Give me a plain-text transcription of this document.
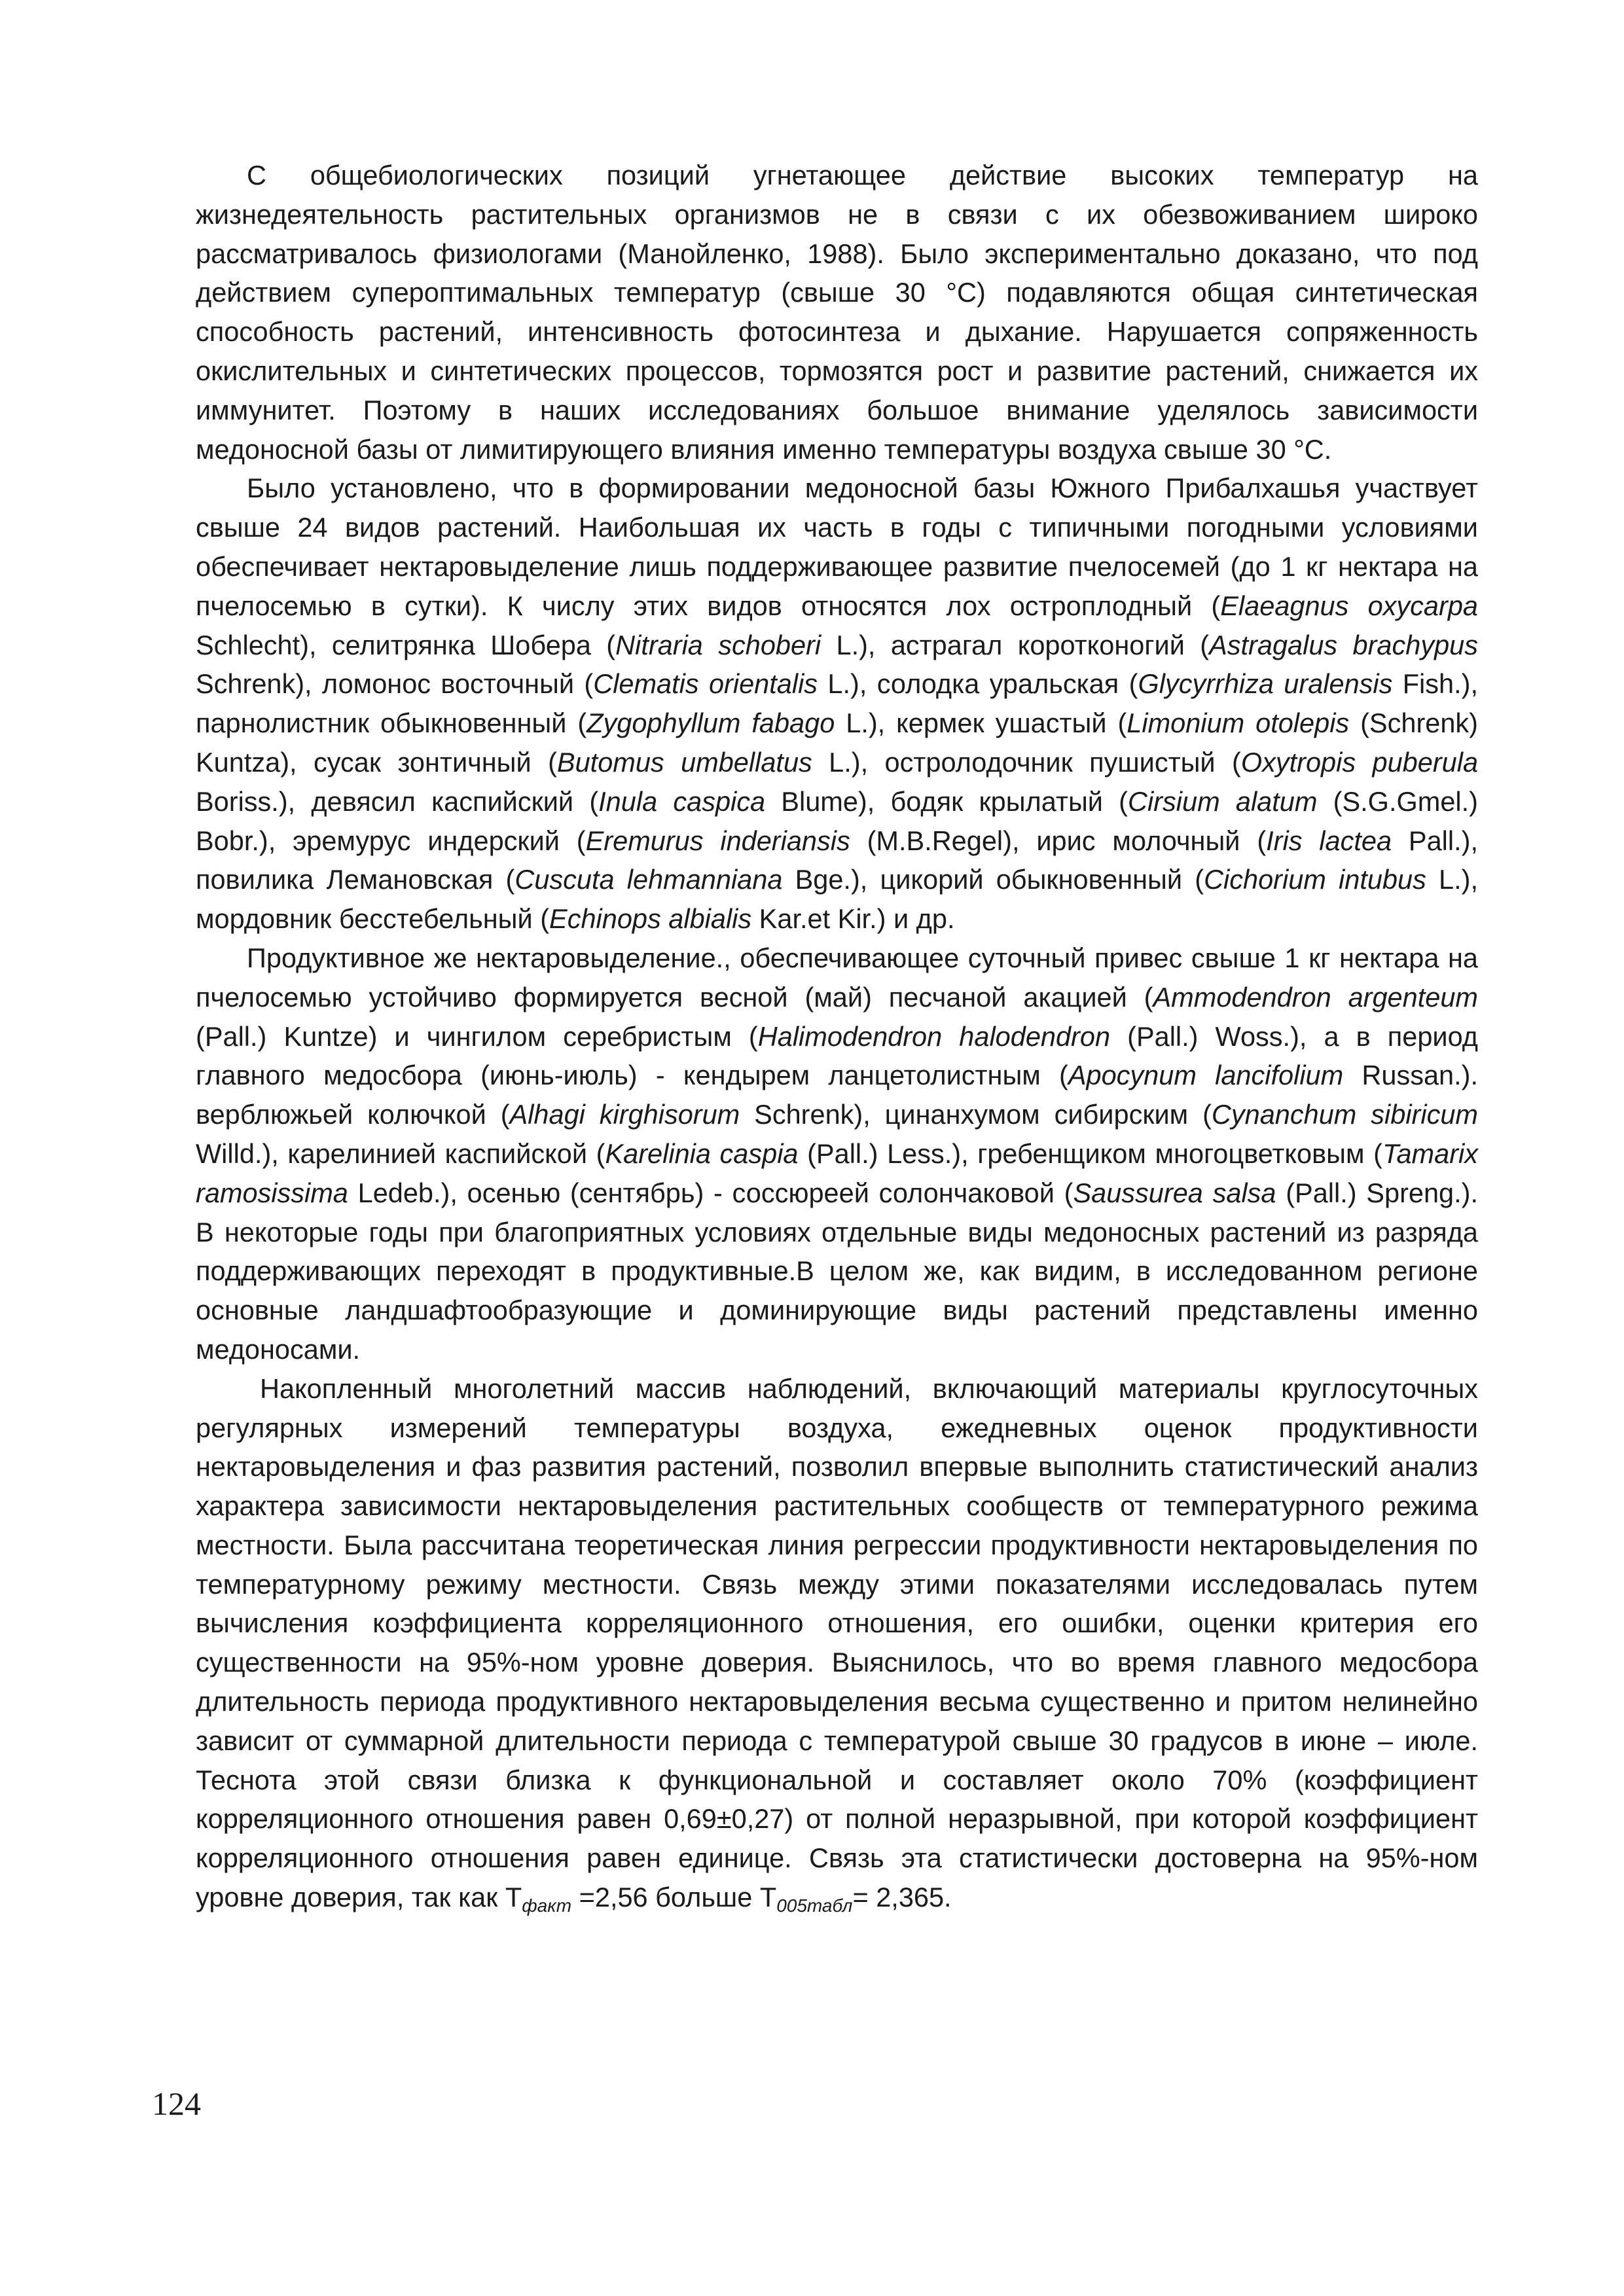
С общебиологических позиций угнетающее действие высоких температур на жизнедеятельность растительных организмов не в связи с их обезвоживанием широко рассматривалось физиологами (Манойленко, 1988). Было экспериментально доказано, что под действием супероптимальных температур (свыше 30 °С) подавляются общая синтетическая способность растений, интенсивность фотосинтеза и дыхание. Нарушается сопряженность окислительных и синтетических процессов, тормозятся рост и развитие растений, снижается их иммунитет. Поэтому в наших исследованиях большое внимание уделялось зависимости медоносной базы от лимитирующего влияния именно температуры воздуха свыше 30 °С.

Было установлено, что в формировании медоносной базы Южного Прибалхашья участвует свыше 24 видов растений. Наибольшая их часть в годы с типичными погодными условиями обеспечивает нектаровыделение лишь поддерживающее развитие пчелосемей (до 1 кг нектара на пчелосемью в сутки). К числу этих видов относятся лох остроплодный (Elaeagnus oxycarpa Schlecht), селитрянка Шобера (Nitraria schoberi L.), астрагал коротконогий (Astragalus brachypus Schrenk), ломонос восточный (Clematis orientalis L.), солодка уральская (Glycyrrhiza uralensis Fish.), парнолистник обыкновенный (Zygophyllum fabago L.), кермек ушастый (Limonium otolepis (Schrenk) Kuntza), сусак зонтичный (Butomus umbellatus L.), остролодочник пушистый (Oxytropis puberula Boriss.), девясил каспийский (Inula caspica Blume), бодяк крылатый (Cirsium alatum (S.G.Gmel.) Bobr.), эремурус индерский (Eremurus inderiansis (M.B.Regel), ирис молочный (Iris lactea Pall.), повилика Лемановская (Cuscuta lehmanniana Bge.), цикорий обыкновенный (Cichorium intubus L.), мордовник бесстебельный (Echinops albialis Kar.et Kir.) и др.

Продуктивное же нектаровыделение., обеспечивающее суточный привес свыше 1 кг нектара на пчелосемью устойчиво формируется весной (май) песчаной акацией (Ammodendron argenteum (Pall.) Kuntze) и чингилом серебристым (Halimodendron halodendron (Pall.) Woss.), а в период главного медосбора (июнь-июль) - кендырем ланцетолистным (Apocynum lancifolium Russan.). верблюжьей колючкой (Alhagi kirghisorum Schrenk), цинанхумом сибирским (Cynanchum sibiricum Willd.), карелинией каспийской (Karelinia caspia (Pall.) Less.), гребенщиком многоцветковым (Tamarix ramosissima Ledeb.), осенью (сентябрь) - соссюреей солончаковой (Saussurea salsa (Pall.) Spreng.). В некоторые годы при благоприятных условиях отдельные виды медоносных растений из разряда поддерживающих переходят в продуктивные.В целом же, как видим, в исследованном регионе основные ландшафтообразующие и доминирующие виды растений представлены именно медоносами.

Накопленный многолетний массив наблюдений, включающий материалы круглосуточных регулярных измерений температуры воздуха, ежедневных оценок продуктивности нектаровыделения и фаз развития растений, позволил впервые выполнить статистический анализ характера зависимости нектаровыделения растительных сообществ от температурного режима местности. Была рассчитана теоретическая линия регрессии продуктивности нектаровыделения по температурному режиму местности. Связь между этими показателями исследовалась путем вычисления коэффициента корреляционного отношения, его ошибки, оценки критерия его существенности на 95%-ном уровне доверия. Выяснилось, что во время главного медосбора длительность периода продуктивного нектаровыделения весьма существенно и притом нелинейно зависит от суммарной длительности периода с температурой свыше 30 градусов в июне – июле. Теснота этой связи близка к функциональной и составляет около 70% (коэффициент корреляционного отношения равен 0,69±0,27) от полной неразрывной, при которой коэффициент корреляционного отношения равен единице. Связь эта статистически достоверна на 95%-ном уровне доверия, так как $Т_{факт} =2,56$ больше $Т_{005табл}= 2,365$.

124
